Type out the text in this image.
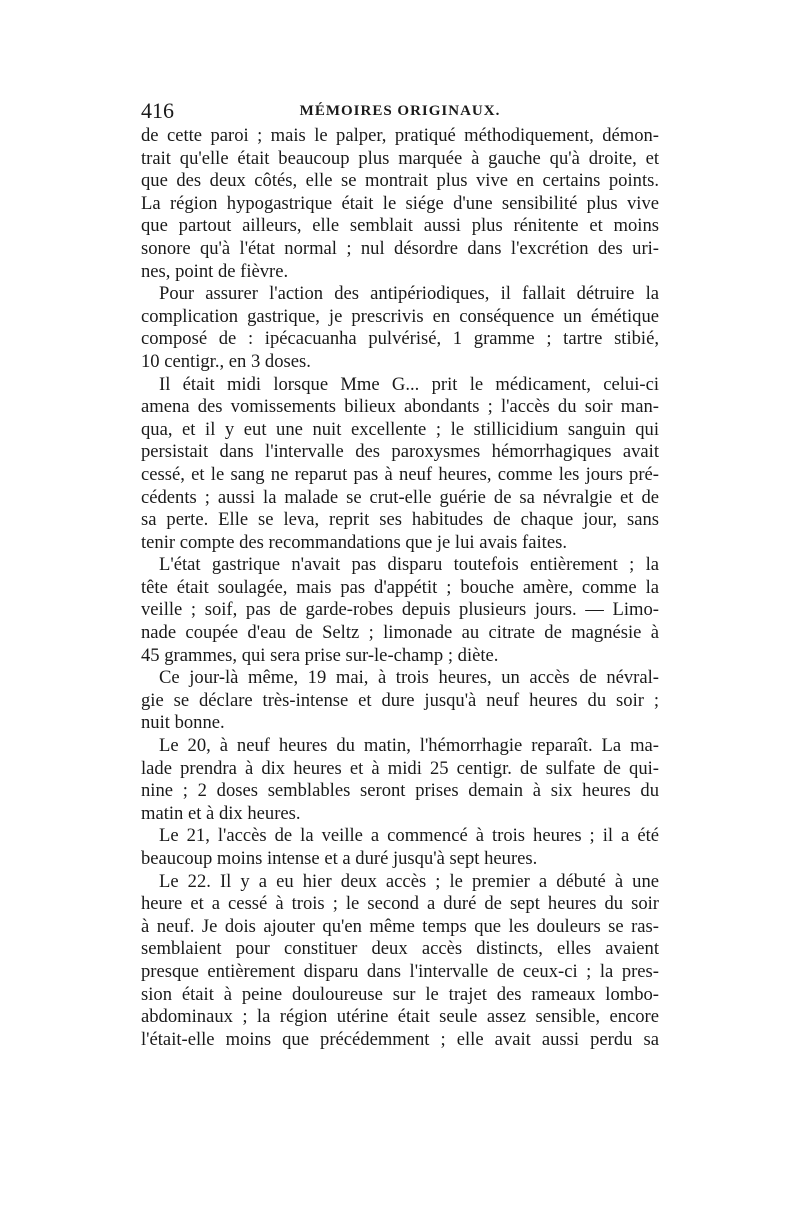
416	MÉMOIRES ORIGINAUX.
de cette paroi ; mais le palper, pratiqué méthodiquement, démon-
trait qu'elle était beaucoup plus marquée à gauche qu'à droite, et
que des deux côtés, elle se montrait plus vive en certains points.
La région hypogastrique était le siége d'une sensibilité plus vive
que partout ailleurs, elle semblait aussi plus rénitente et moins
sonore qu'à l'état normal ; nul désordre dans l'excrétion des uri-
nes, point de fièvre.
Pour assurer l'action des antipériodiques, il fallait détruire la
complication gastrique, je prescrivis en conséquence un émétique
composé de : ipécacuanha pulvérisé, 1 gramme ; tartre stibié,
10 centigr., en 3 doses.
Il était midi lorsque Mme G... prit le médicament, celui-ci
amena des vomissements bilieux abondants ; l'accès du soir man-
qua, et il y eut une nuit excellente ; le stillicidium sanguin qui
persistait dans l'intervalle des paroxysmes hémorrhagiques avait
cessé, et le sang ne reparut pas à neuf heures, comme les jours pré-
cédents ; aussi la malade se crut-elle guérie de sa névralgie et de
sa perte. Elle se leva, reprit ses habitudes de chaque jour, sans
tenir compte des recommandations que je lui avais faites.
L'état gastrique n'avait pas disparu toutefois entièrement ; la
tête était soulagée, mais pas d'appétit ; bouche amère, comme la
veille ; soif, pas de garde-robes depuis plusieurs jours. — Limo-
nade coupée d'eau de Seltz ; limonade au citrate de magnésie à
45 grammes, qui sera prise sur-le-champ ; diète.
Ce jour-là même, 19 mai, à trois heures, un accès de névral-
gie se déclare très-intense et dure jusqu'à neuf heures du soir ;
nuit bonne.
Le 20, à neuf heures du matin, l'hémorrhagie reparaît. La ma-
lade prendra à dix heures et à midi 25 centigr. de sulfate de qui-
nine ; 2 doses semblables seront prises demain à six heures du
matin et à dix heures.
Le 21, l'accès de la veille a commencé à trois heures ; il a été
beaucoup moins intense et a duré jusqu'à sept heures.
Le 22. Il y a eu hier deux accès ; le premier a débuté à une
heure et a cessé à trois ; le second a duré de sept heures du soir
à neuf. Je dois ajouter qu'en même temps que les douleurs se ras-
semblaient pour constituer deux accès distincts, elles avaient
presque entièrement disparu dans l'intervalle de ceux-ci ; la pres-
sion était à peine douloureuse sur le trajet des rameaux lombo-
abdominaux ; la région utérine était seule assez sensible, encore
l'était-elle moins que précédemment ; elle avait aussi perdu sa
